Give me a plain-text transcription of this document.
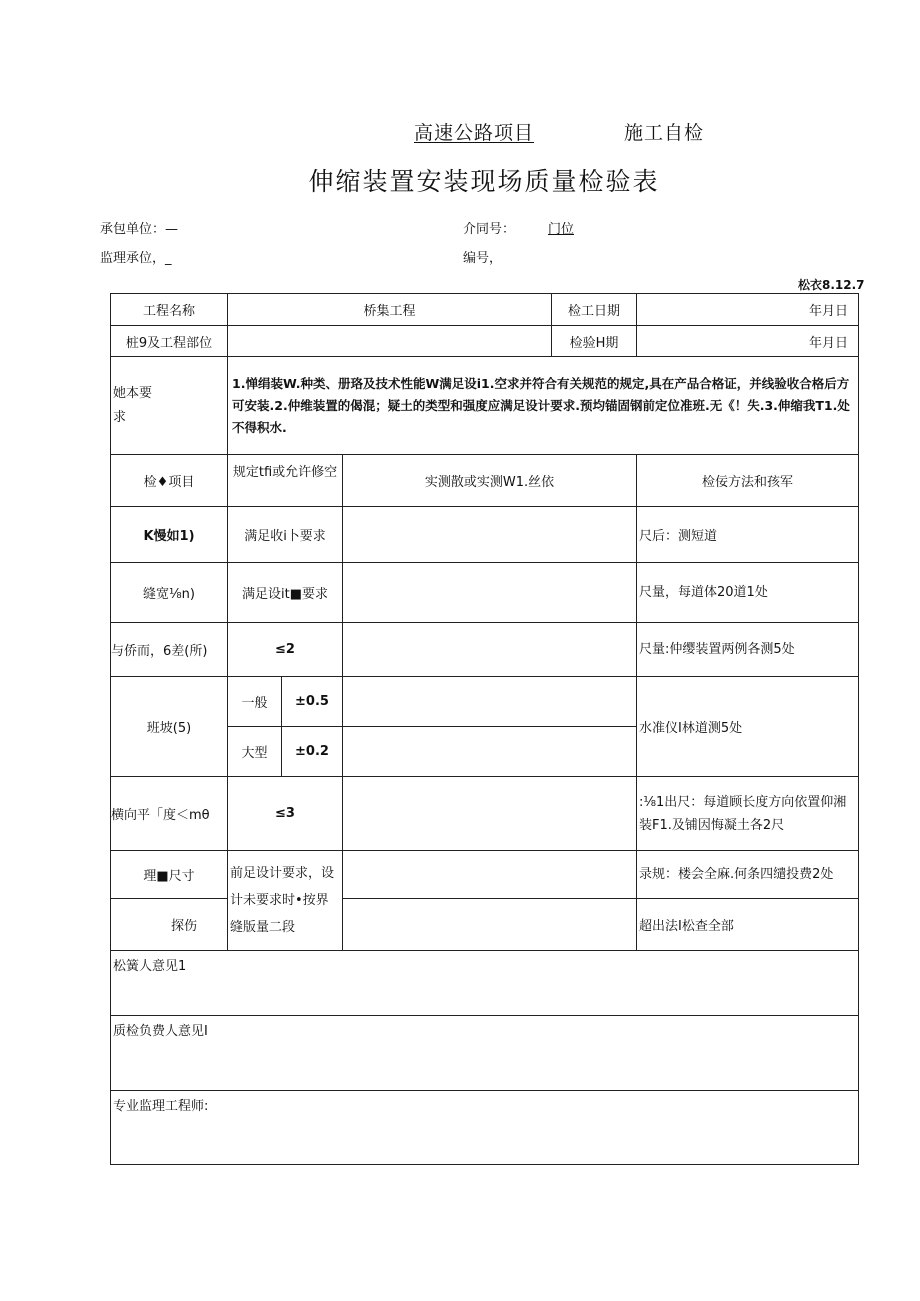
高速公路项目	施工自检
伸缩装置安装现场质量检验表
承包单位：—	介同号：	门位
监理承位，_	编号，
松衣8.12.7
工程名称	桥集工程			检工日期	年月日
桩9及工程部位				检验H期	年月日

她本要求	1.惮绢装W.种类、册珞及技术性能W满足设i1.空求并符合有关规范的规定,具在产品合格证，并线验收合格后方可安装.2.仲维装置的偈混；疑土的类型和强度应满足设计要求.预均锚固钢前定位准班.无《！失.3.伸缩我T1.处不得积水.				
检♦项目	规定tfi或允许修空		实测散或实测W1.丝依		检佞方法和孩军
K慢如1)	满足收i卜要求				尺后：测短道
缝宽⅛n)	满足设it■要求				尺量，每道体20道1处
与侨而，6差(所)	≤2				尺量:仲缨装置两例各测5处
班坡(5)	一般	±0.5			水准仪I林道测5处
	大型	±0.2			
横向平「度＜mθ	≤3				:⅛1出尺：每道顾长度方向依置仰湘装F1.及铺因悔凝土各2尺
理■尺寸	前足设计要求，设计未要求时•按界缝版量二段				录规：楼会全麻.何条四缱投费2处
探伤					超出法I松查全部
松簧人意见1					
质检负费人意见I					
专业监理工程师:					
